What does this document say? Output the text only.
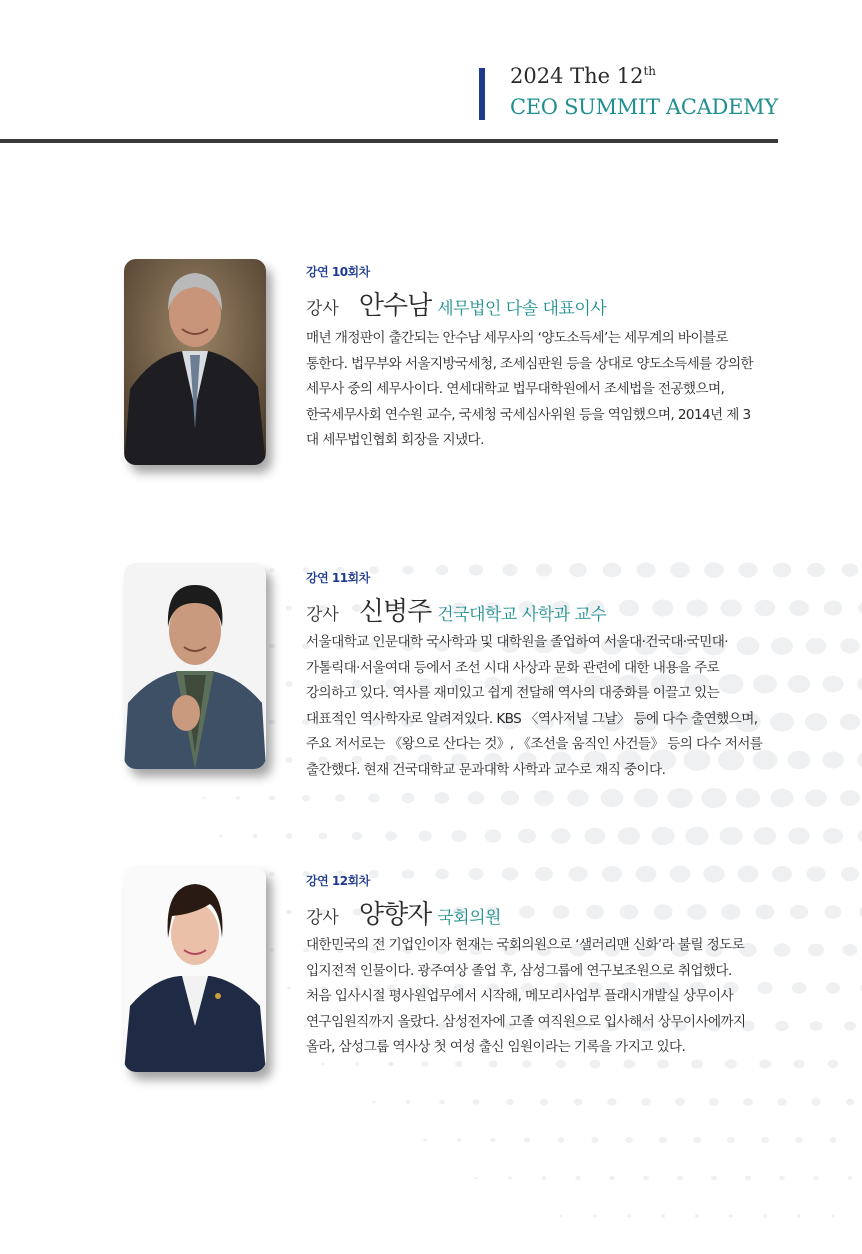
2024 The 12th
CEO SUMMIT ACADEMY
강연 10회차
강사 안수남 세무법인 다솔 대표이사
매년 개정판이 출간되는 안수남 세무사의 ‘양도소득세’는 세무계의 바이블로
통한다. 법무부와 서울지방국세청, 조세심판원 등을 상대로 양도소득세를 강의한
세무사 중의 세무사이다. 연세대학교 법무대학원에서 조세법을 전공했으며,
한국세무사회 연수원 교수, 국세청 국세심사위원 등을 역임했으며, 2014년 제 3
대 세무법인협회 회장을 지냈다.
강연 11회차
강사 신병주 건국대학교 사학과 교수
서울대학교 인문대학 국사학과 및 대학원을 졸업하여 서울대·건국대·국민대·
가톨릭대·서울여대 등에서 조선 시대 사상과 문화 관련에 대한 내용을 주로
강의하고 있다. 역사를 재미있고 쉽게 전달해 역사의 대중화를 이끌고 있는
대표적인 역사학자로 알려져있다. KBS 〈역사저널 그날〉 등에 다수 출연했으며,
주요 저서로는 《왕으로 산다는 것》, 《조선을 움직인 사건들》 등의 다수 저서를
출간했다. 현재 건국대학교 문과대학 사학과 교수로 재직 중이다.
강연 12회차
강사 양향자 국회의원
대한민국의 전 기업인이자 현재는 국회의원으로 ‘샐러리맨 신화’라 불릴 정도로
입지전적 인물이다. 광주여상 졸업 후, 삼성그룹에 연구보조원으로 취업했다.
처음 입사시절 평사원업무에서 시작해, 메모리사업부 플래시개발실 상무이사
연구임원직까지 올랐다. 삼성전자에 고졸 여직원으로 입사해서 상무이사에까지
올라, 삼성그룹 역사상 첫 여성 출신 임원이라는 기록을 가지고 있다.
